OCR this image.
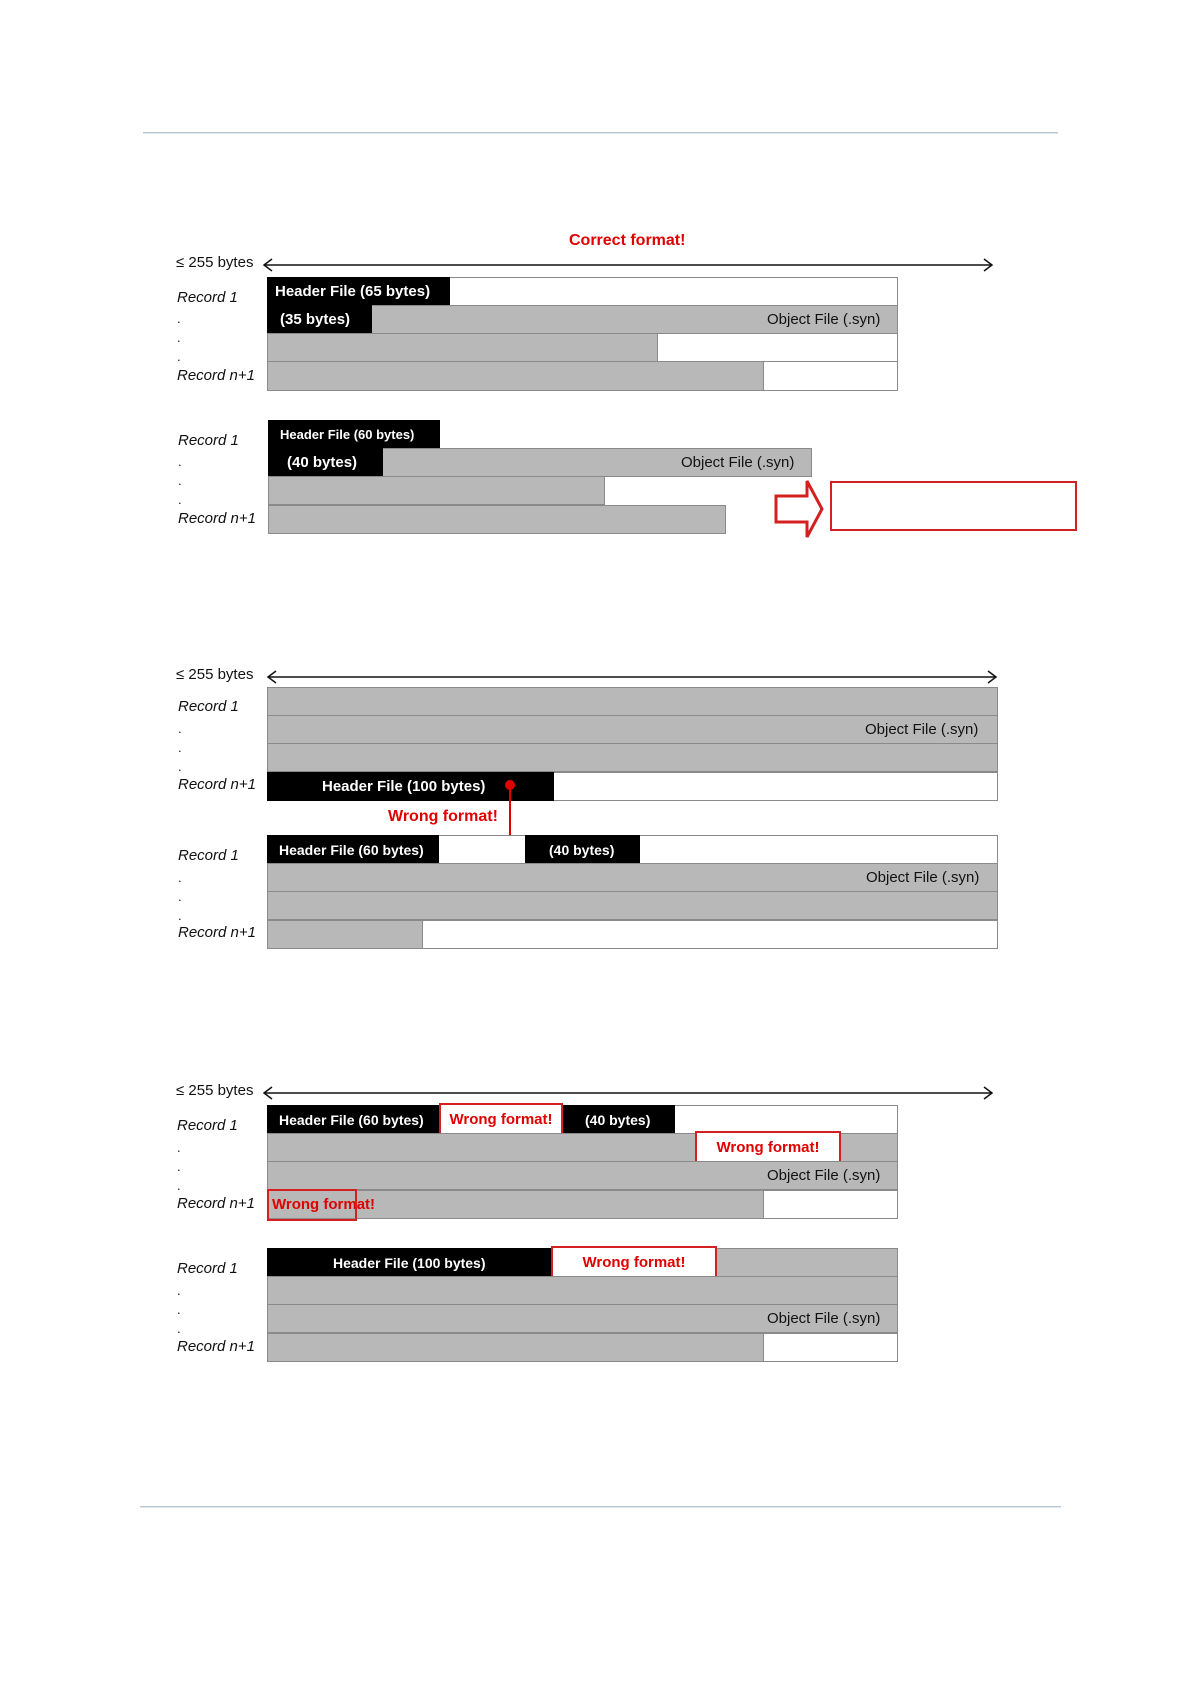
Correct format!
≤ 255 bytes
Record 1
.
.
.
Record n+1
Header File (65 bytes)
(35 bytes)	Object File (.syn)
Record 1
.
.
.
Record n+1
Header File (60 bytes)
(40 bytes)	Object File (.syn)
≤ 255 bytes
Record 1
.
.
.
Record n+1
Object File (.syn)
Header File (100 bytes)
Wrong format!
Record 1
.
.
.
Record n+1
Header File (60 bytes)	(40 bytes)
Object File (.syn)
≤ 255 bytes
Record 1
.
.
.
Record n+1
Header File (60 bytes)	(40 bytes)
Wrong format!
Wrong format!
Object File (.syn)
Wrong format!
Record 1
.
.
.
Record n+1
Header File (100 bytes)	Wrong format!
Object File (.syn)
